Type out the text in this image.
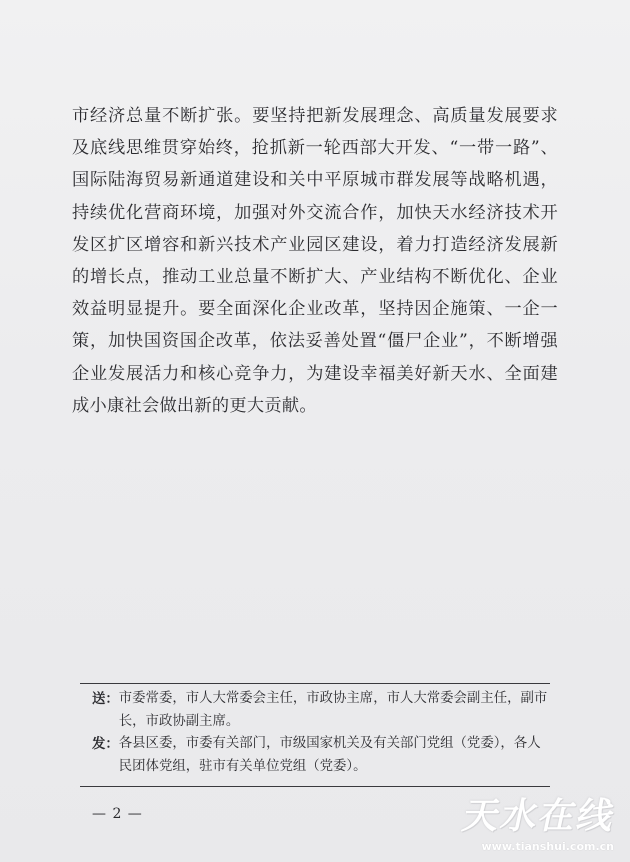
市经济总量不断扩张。要坚持把新发展理念、高质量发展要求及底线思维贯穿始终，抢抓新一轮西部大开发、“一带一路”、国际陆海贸易新通道建设和关中平原城市群发展等战略机遇，持续优化营商环境，加强对外交流合作，加快天水经济技术开发区扩区增容和新兴技术产业园区建设，着力打造经济发展新的增长点，推动工业总量不断扩大、产业结构不断优化、企业效益明显提升。要全面深化企业改革，坚持因企施策、一企一策，加快国资国企改革，依法妥善处置“僵尸企业”，不断增强企业发展活力和核心竞争力，为建设幸福美好新天水、全面建成小康社会做出新的更大贡献。

送： 市委常委，市人大常委会主任，市政协主席，市人大常委会副主任，副市长，市政协副主席。
发： 各县区委，市委有关部门，市级国家机关及有关部门党组（党委），各人民团体党组，驻市有关单位党组（党委）。
— 2 —	天水在线
www.tianshui.com.cn
